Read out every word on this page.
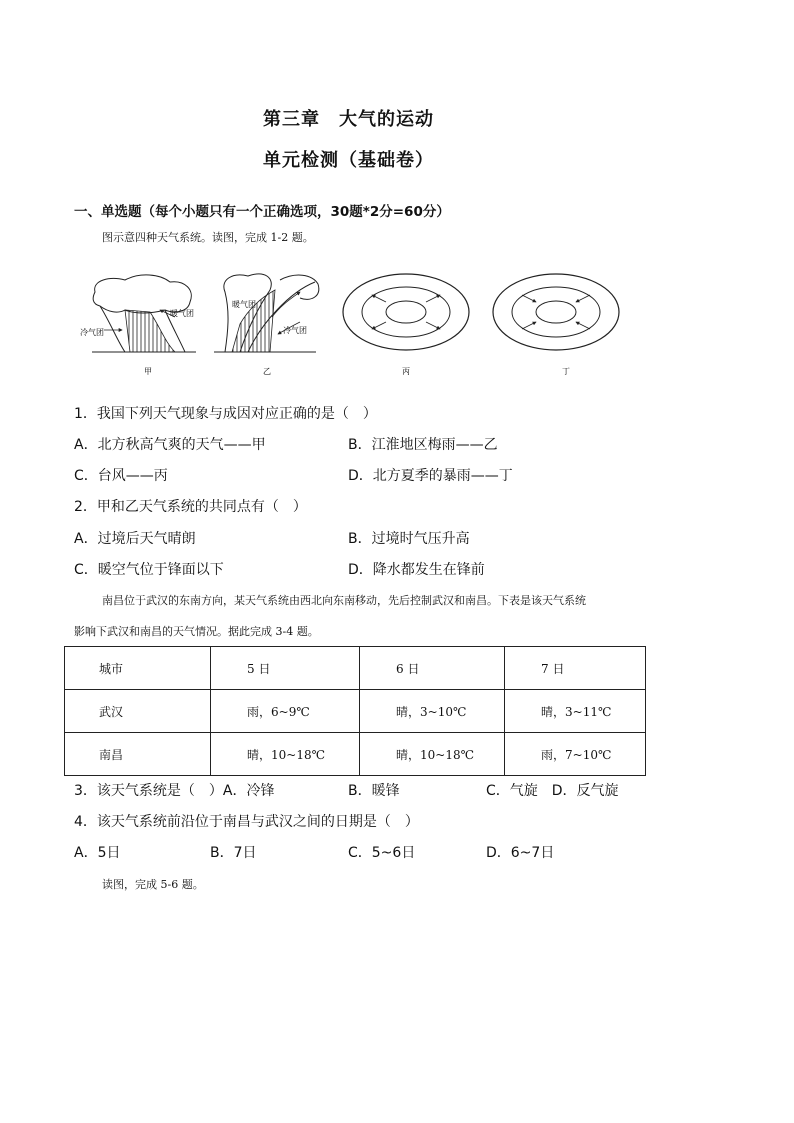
第三章　大气的运动
单元检测（基础卷）
一、单选题（每个小题只有一个正确选项，30题*2分=60分）
图示意四种天气系统。读图，完成 1-2 题。
暖气团
冷气团
甲
暖气团
冷气团
乙	丙	丁
1．我国下列天气现象与成因对应正确的是（　）
A．北方秋高气爽的天气——甲	B．江淮地区梅雨——乙
C．台风——丙	D．北方夏季的暴雨——丁
2．甲和乙天气系统的共同点有（　）
A．过境后天气晴朗	B．过境时气压升高
C．暖空气位于锋面以下	D．降水都发生在锋前
南昌位于武汉的东南方向，某天气系统由西北向东南移动，先后控制武汉和南昌。下表是该天气系统
影响下武汉和南昌的天气情况。据此完成 3-4 题。
城市	5 日	6 日	7 日
武汉	雨，6~9℃	晴，3~10℃	晴，3~11℃
南昌	晴，10~18℃	晴，10~18℃	雨，7~10℃
3．该天气系统是（　）A．冷锋	B．暖锋	C．气旋　D．反气旋
4．该天气系统前沿位于南昌与武汉之间的日期是（　）
A．5日	B．7日	C．5~6日	D．6~7日
读图，完成 5-6 题。
